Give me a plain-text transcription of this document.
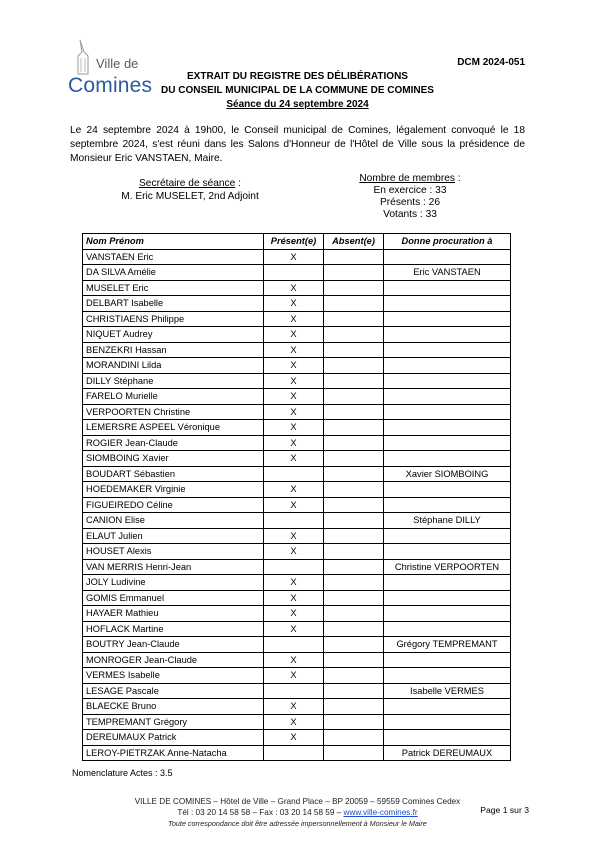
Ville de
Comines
DCM 2024-051
EXTRAIT DU REGISTRE DES DÉLIBÉRATIONS
DU CONSEIL MUNICIPAL DE LA COMMUNE DE COMINES
Séance du 24 septembre 2024
Le 24 septembre 2024 à 19h00, le Conseil municipal de Comines, légalement convoqué le 18 septembre 2024, s'est réuni dans les Salons d'Honneur de l'Hôtel de Ville sous la présidence de Monsieur Eric VANSTAEN, Maire.
Secrétaire de séance :
M. Eric MUSELET, 2nd Adjoint
Nombre de membres :
En exercice : 33
Présents : 26
Votants : 33
Nom Prénom	Présent(e)	Absent(e)	Donne procuration à
VANSTAEN Eric	X		
DA SILVA Amélie			Eric VANSTAEN
MUSELET Eric	X		
DELBART Isabelle	X		
CHRISTIAENS Philippe	X		
NIQUET Audrey	X		
BENZEKRI Hassan	X		
MORANDINI Lilda	X		
DILLY Stéphane	X		
FARELO Murielle	X		
VERPOORTEN Christine	X		
LEMERSRE ASPEEL Véronique	X		
ROGIER Jean-Claude	X		
SIOMBOING Xavier	X		
BOUDART Sébastien			Xavier SIOMBOING
HOEDEMAKER Virginie	X		
FIGUEIREDO Céline	X		
CANION Elise			Stéphane DILLY
ELAUT Julien	X		
HOUSET Alexis	X		
VAN MERRIS Henri-Jean			Christine VERPOORTEN
JOLY Ludivine	X		
GOMIS Emmanuel	X		
HAYAER Mathieu	X		
HOFLACK Martine	X		
BOUTRY Jean-Claude			Grégory TEMPREMANT
MONROGER Jean-Claude	X		
VERMES Isabelle	X		
LESAGE Pascale			Isabelle VERMES
BLAECKE Bruno	X		
TEMPREMANT Grégory	X		
DEREUMAUX Patrick	X		
LEROY-PIETRZAK Anne-Natacha			Patrick DEREUMAUX
Nomenclature Actes : 3.5
VILLE DE COMINES – Hôtel de Ville – Grand Place – BP 20059 – 59559 Comines Cedex
Tél : 03 20 14 58 58 – Fax : 03 20 14 58 59 – www.ville-comines.fr
Toute correspondance doit être adressée impersonnellement à Monsieur le Maire
Page 1 sur 3
